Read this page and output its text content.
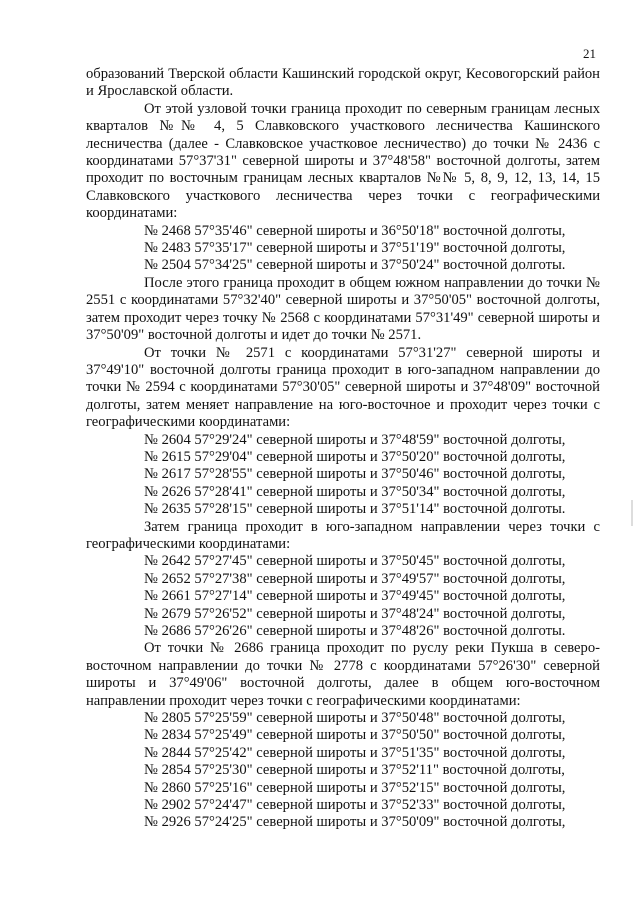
21

образований Тверской области Кашинский городской округ, Кесовогорский район и Ярославской области.

От этой узловой точки граница проходит по северным границам лесных кварталов №№ 4, 5 Славковского участкового лесничества Кашинского лесничества (далее - Славковское участковое лесничество) до точки № 2436 с координатами 57°37'31" северной широты и 37°48'58" восточной долготы, затем проходит по восточным границам лесных кварталов №№ 5, 8, 9, 12, 13, 14, 15 Славковского участкового лесничества через точки с географическими координатами:

№ 2468 57°35'46" северной широты и 36°50'18" восточной долготы,

№ 2483 57°35'17" северной широты и 37°51'19" восточной долготы,

№ 2504 57°34'25" северной широты и 37°50'24" восточной долготы.

После этого граница проходит в общем южном направлении до точки № 2551 с координатами 57°32'40" северной широты и 37°50'05" восточной долготы, затем проходит через точку № 2568 с координатами 57°31'49" северной широты и 37°50'09" восточной долготы и идет до точки № 2571.

От точки № 2571 с координатами 57°31'27" северной широты и 37°49'10" восточной долготы граница проходит в юго-западном направлении до точки № 2594 с координатами 57°30'05" северной широты и 37°48'09" восточной долготы, затем меняет направление на юго-восточное и проходит через точки с географическими координатами:

№ 2604 57°29'24" северной широты и 37°48'59" восточной долготы,

№ 2615 57°29'04" северной широты и 37°50'20" восточной долготы,

№ 2617 57°28'55" северной широты и 37°50'46" восточной долготы,

№ 2626 57°28'41" северной широты и 37°50'34" восточной долготы,

№ 2635 57°28'15" северной широты и 37°51'14" восточной долготы.

Затем граница проходит в юго-западном направлении через точки с географическими координатами:

№ 2642 57°27'45" северной широты и 37°50'45" восточной долготы,

№ 2652 57°27'38" северной широты и 37°49'57" восточной долготы,

№ 2661 57°27'14" северной широты и 37°49'45" восточной долготы,

№ 2679 57°26'52" северной широты и 37°48'24" восточной долготы,

№ 2686 57°26'26" северной широты и 37°48'26" восточной долготы.

От точки № 2686 граница проходит по руслу реки Пукша в северо-восточном направлении до точки № 2778 с координатами 57°26'30" северной широты и 37°49'06" восточной долготы, далее в общем юго-восточном направлении проходит через точки с географическими координатами:

№ 2805 57°25'59" северной широты и 37°50'48" восточной долготы,

№ 2834 57°25'49" северной широты и 37°50'50" восточной долготы,

№ 2844 57°25'42" северной широты и 37°51'35" восточной долготы,

№ 2854 57°25'30" северной широты и 37°52'11" восточной долготы,

№ 2860 57°25'16" северной широты и 37°52'15" восточной долготы,

№ 2902 57°24'47" северной широты и 37°52'33" восточной долготы,

№ 2926 57°24'25" северной широты и 37°50'09" восточной долготы,
